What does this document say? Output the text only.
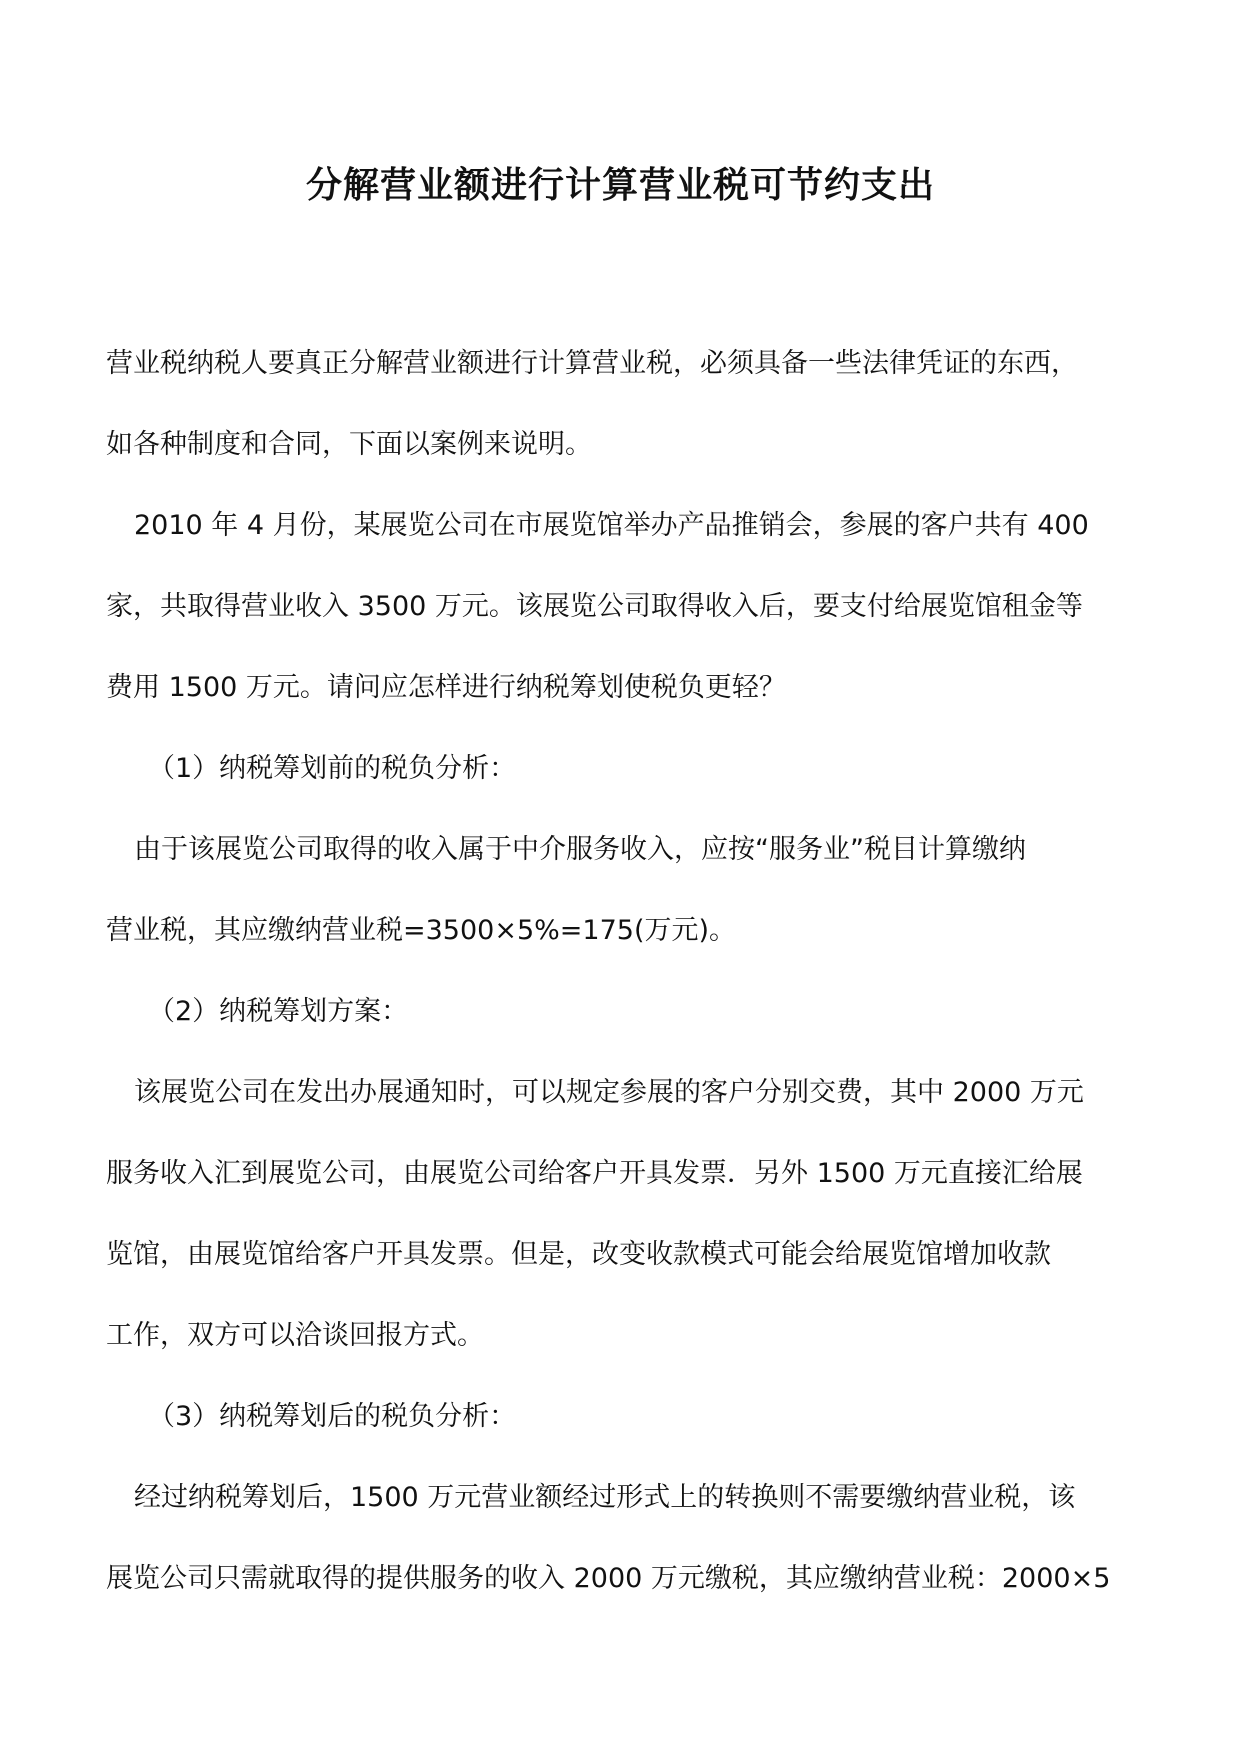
分解营业额进行计算营业税可节约支出
营业税纳税人要真正分解营业额进行计算营业税，必须具备一些法律凭证的东西，
如各种制度和合同，下面以案例来说明。
2010 年 4 月份，某展览公司在市展览馆举办产品推销会，参展的客户共有 400
家，共取得营业收入 3500 万元。该展览公司取得收入后，要支付给展览馆租金等
费用 1500 万元。请问应怎样进行纳税筹划使税负更轻？
（1）纳税筹划前的税负分析：
由于该展览公司取得的收入属于中介服务收入，应按“服务业”税目计算缴纳
营业税，其应缴纳营业税=3500×5%=175(万元)。
（2）纳税筹划方案：
该展览公司在发出办展通知时，可以规定参展的客户分别交费，其中 2000 万元
服务收入汇到展览公司，由展览公司给客户开具发票．另外 1500 万元直接汇给展
览馆，由展览馆给客户开具发票。但是，改变收款模式可能会给展览馆增加收款
工作，双方可以洽谈回报方式。
（3）纳税筹划后的税负分析：
经过纳税筹划后，1500 万元营业额经过形式上的转换则不需要缴纳营业税，该
展览公司只需就取得的提供服务的收入 2000 万元缴税，其应缴纳营业税：2000×5
